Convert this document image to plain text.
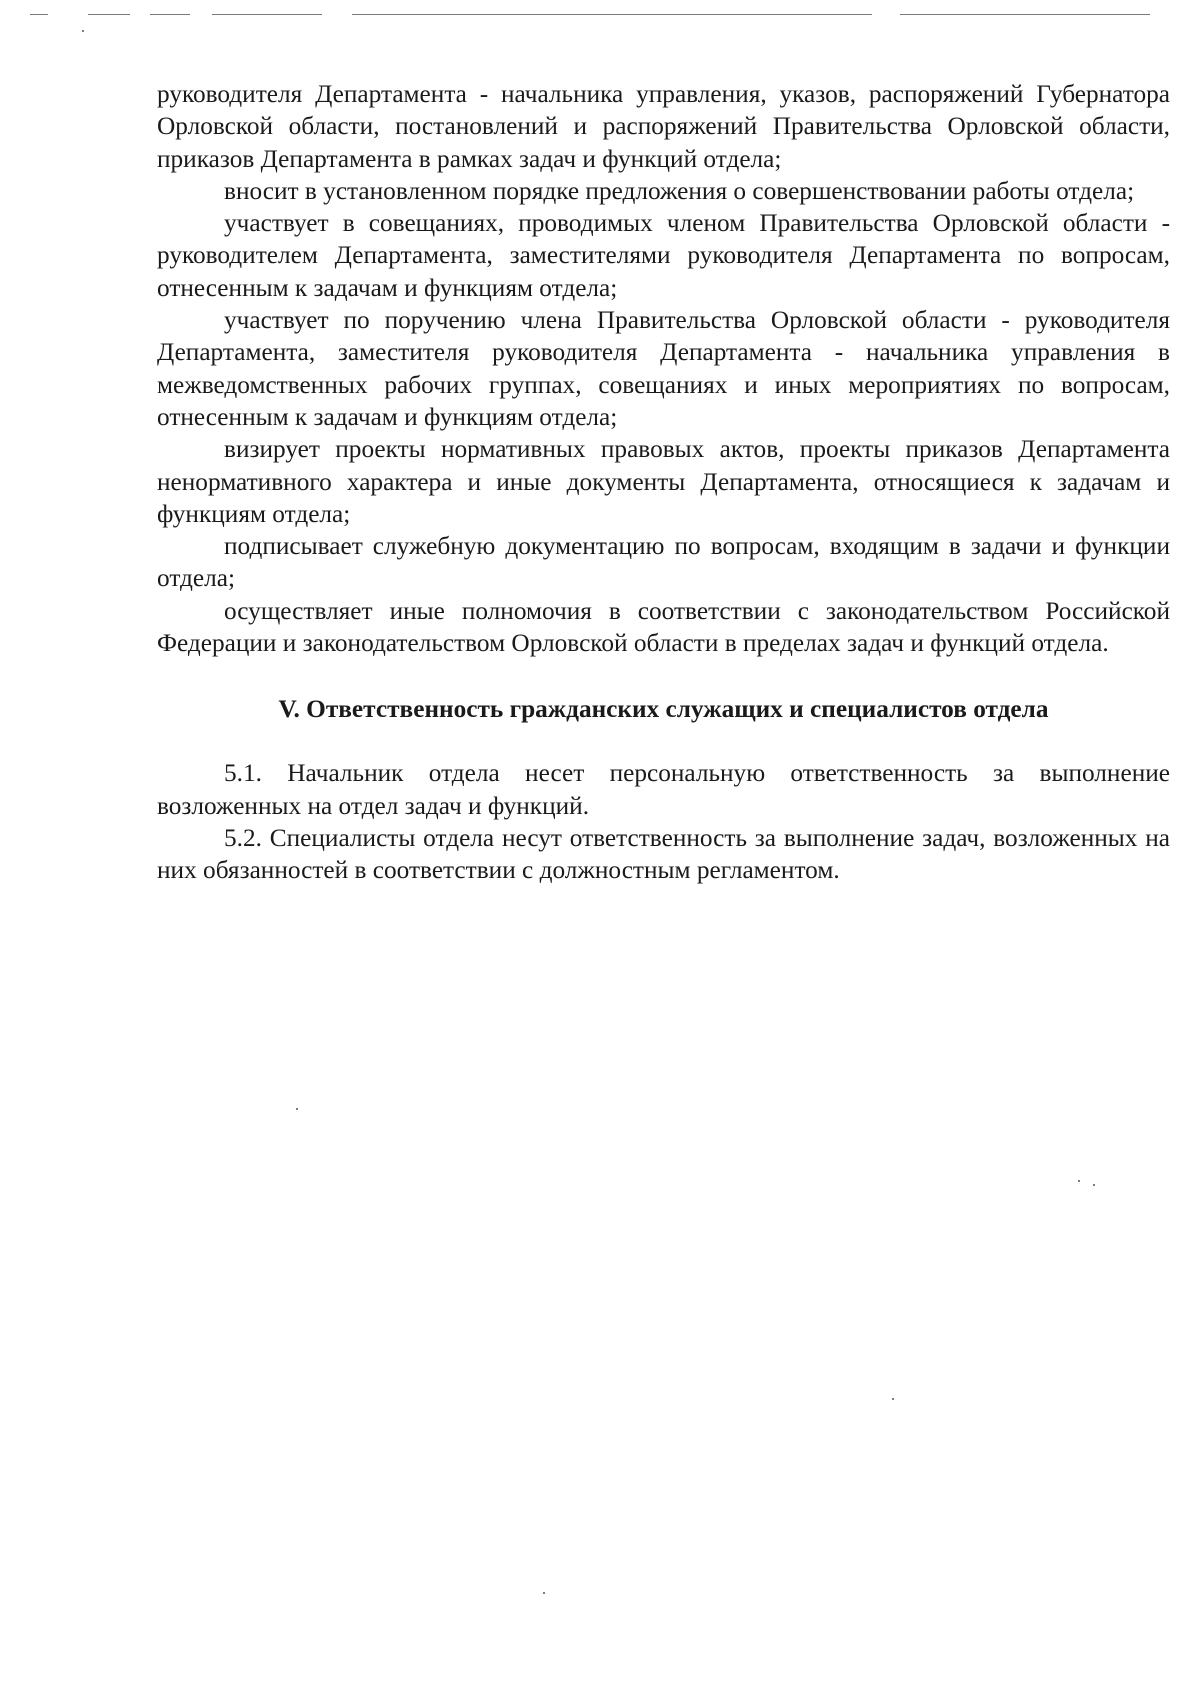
руководителя Департамента - начальника управления, указов, распоряжений Губернатора Орловской области, постановлений и распоряжений Правительства Орловской области, приказов Департамента в рамках задач и функций отдела;

вносит в установленном порядке предложения о совершенствовании работы отдела;

участвует в совещаниях, проводимых членом Правительства Орловской области - руководителем Департамента, заместителями руководителя Департамента по вопросам, отнесенным к задачам и функциям отдела;

участвует по поручению члена Правительства Орловской области - руководителя Департамента, заместителя руководителя Департамента - начальника управления в межведомственных рабочих группах, совещаниях и иных мероприятиях по вопросам, отнесенным к задачам и функциям отдела;

визирует проекты нормативных правовых актов, проекты приказов Департамента ненормативного характера и иные документы Департамента, относящиеся к задачам и функциям отдела;

подписывает служебную документацию по вопросам, входящим в задачи и функции отдела;

осуществляет иные полномочия в соответствии с законодательством Российской Федерации и законодательством Орловской области в пределах задач и функций отдела.

V. Ответственность гражданских служащих и специалистов отдела

5.1. Начальник отдела несет персональную ответственность за выполнение возложенных на отдел задач и функций.

5.2. Специалисты отдела несут ответственность за выполнение задач, возложенных на них обязанностей в соответствии с должностным регламентом.
